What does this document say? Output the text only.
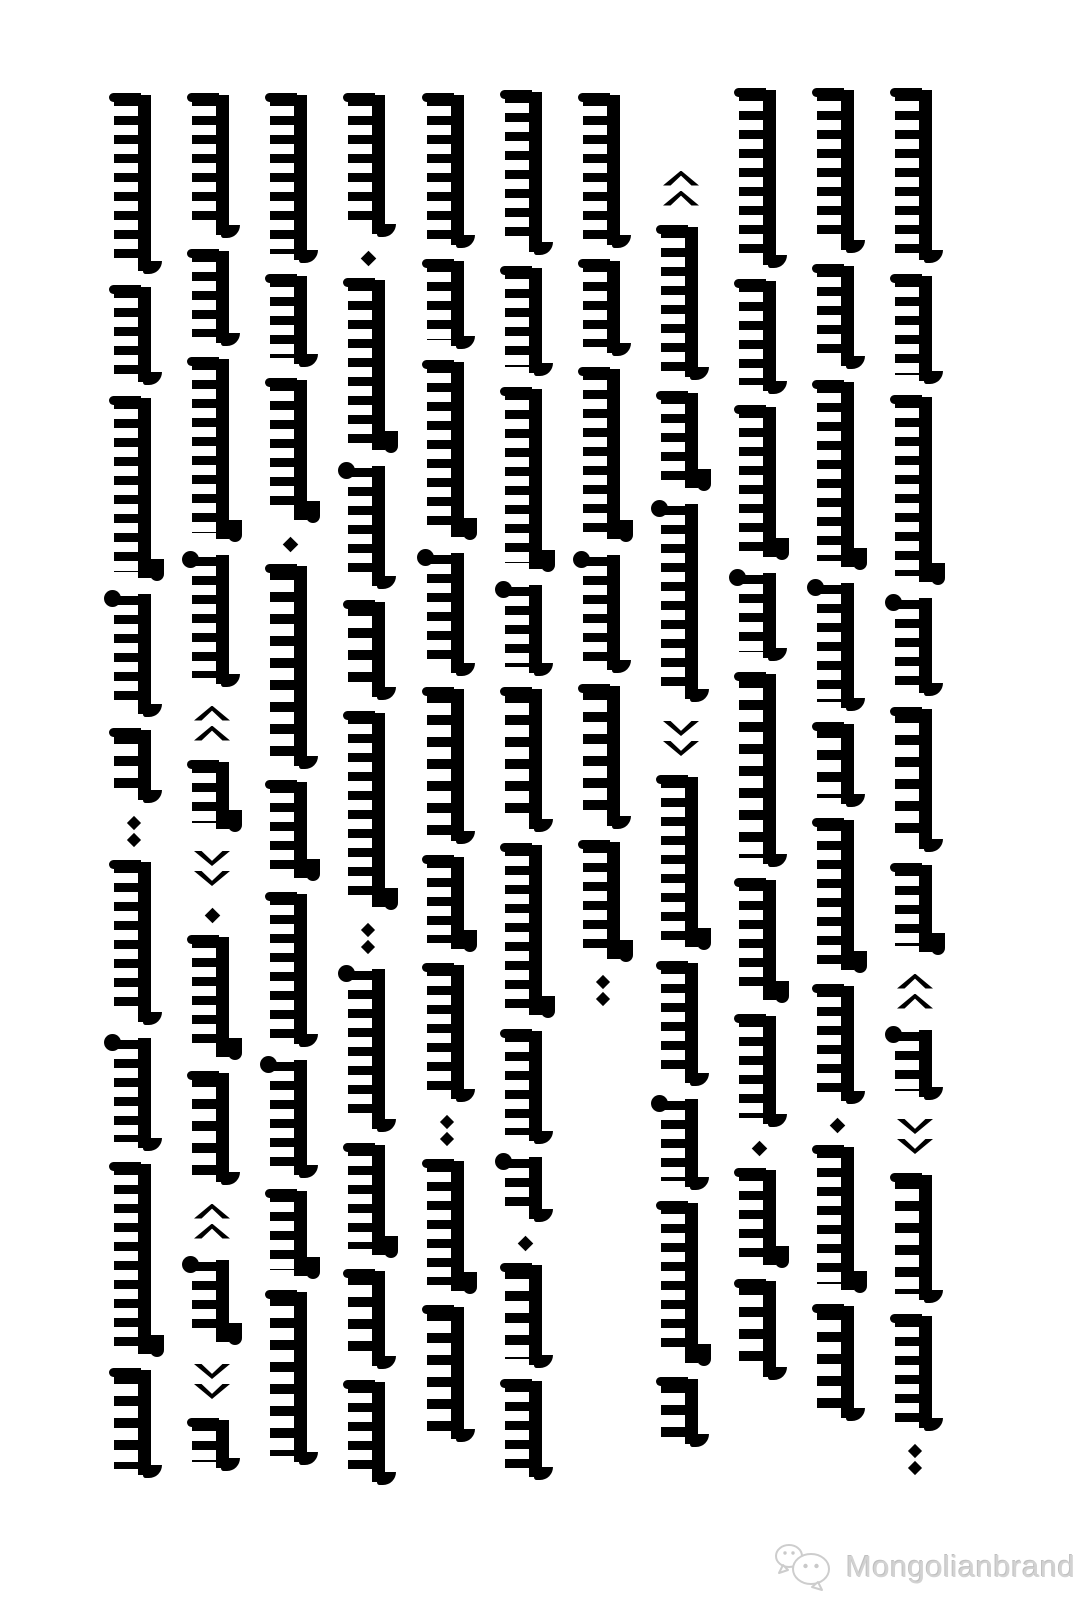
Mongolianbrand
